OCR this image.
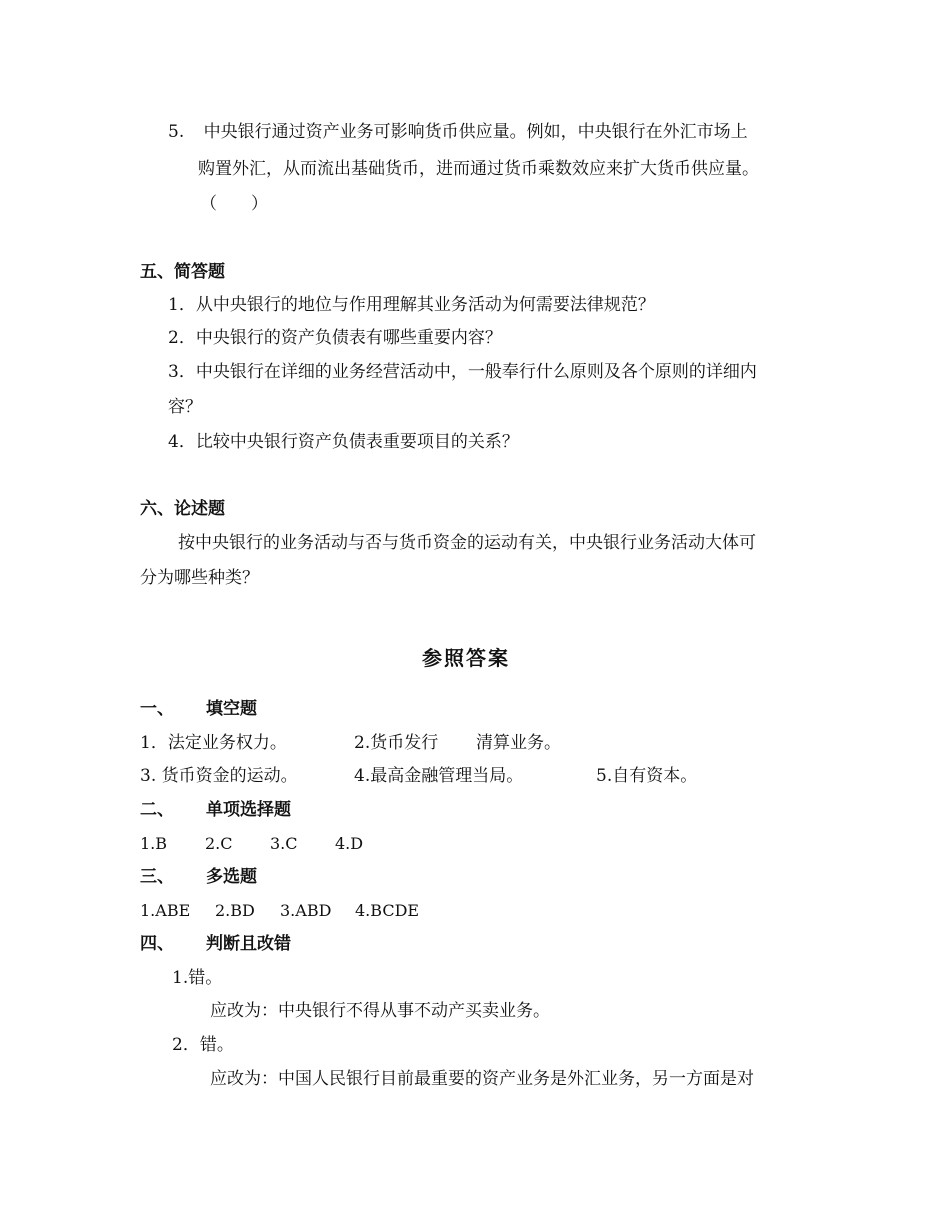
5. 中央银行通过资产业务可影响货币供应量。例如，中央银行在外汇市场上
购置外汇，从而流出基础货币，进而通过货币乘数效应来扩大货币供应量。
（　　）
五、简答题
1．从中央银行的地位与作用理解其业务活动为何需要法律规范？
2．中央银行的资产负债表有哪些重要内容？
3．中央银行在详细的业务经营活动中，一般奉行什么原则及各个原则的详细内
容？
4．比较中央银行资产负债表重要项目的关系？
六、论述题
按中央银行的业务活动与否与货币资金的运动有关，中央银行业务活动大体可
分为哪些种类？
参照答案
一、 填空题
1．法定业务权力。	2.货币发行 清算业务。
3. 货币资金的运动。	4.最高金融管理当局。	5.自有资本。
二、 单项选择题
1.B 2.C 3.C 4.D
三、 多选题
1.ABE 2.BD 3.ABD 4.BCDE
四、 判断且改错
1.错。
应改为：中央银行不得从事不动产买卖业务。
2．错。
应改为：中国人民银行目前最重要的资产业务是外汇业务，另一方面是对
